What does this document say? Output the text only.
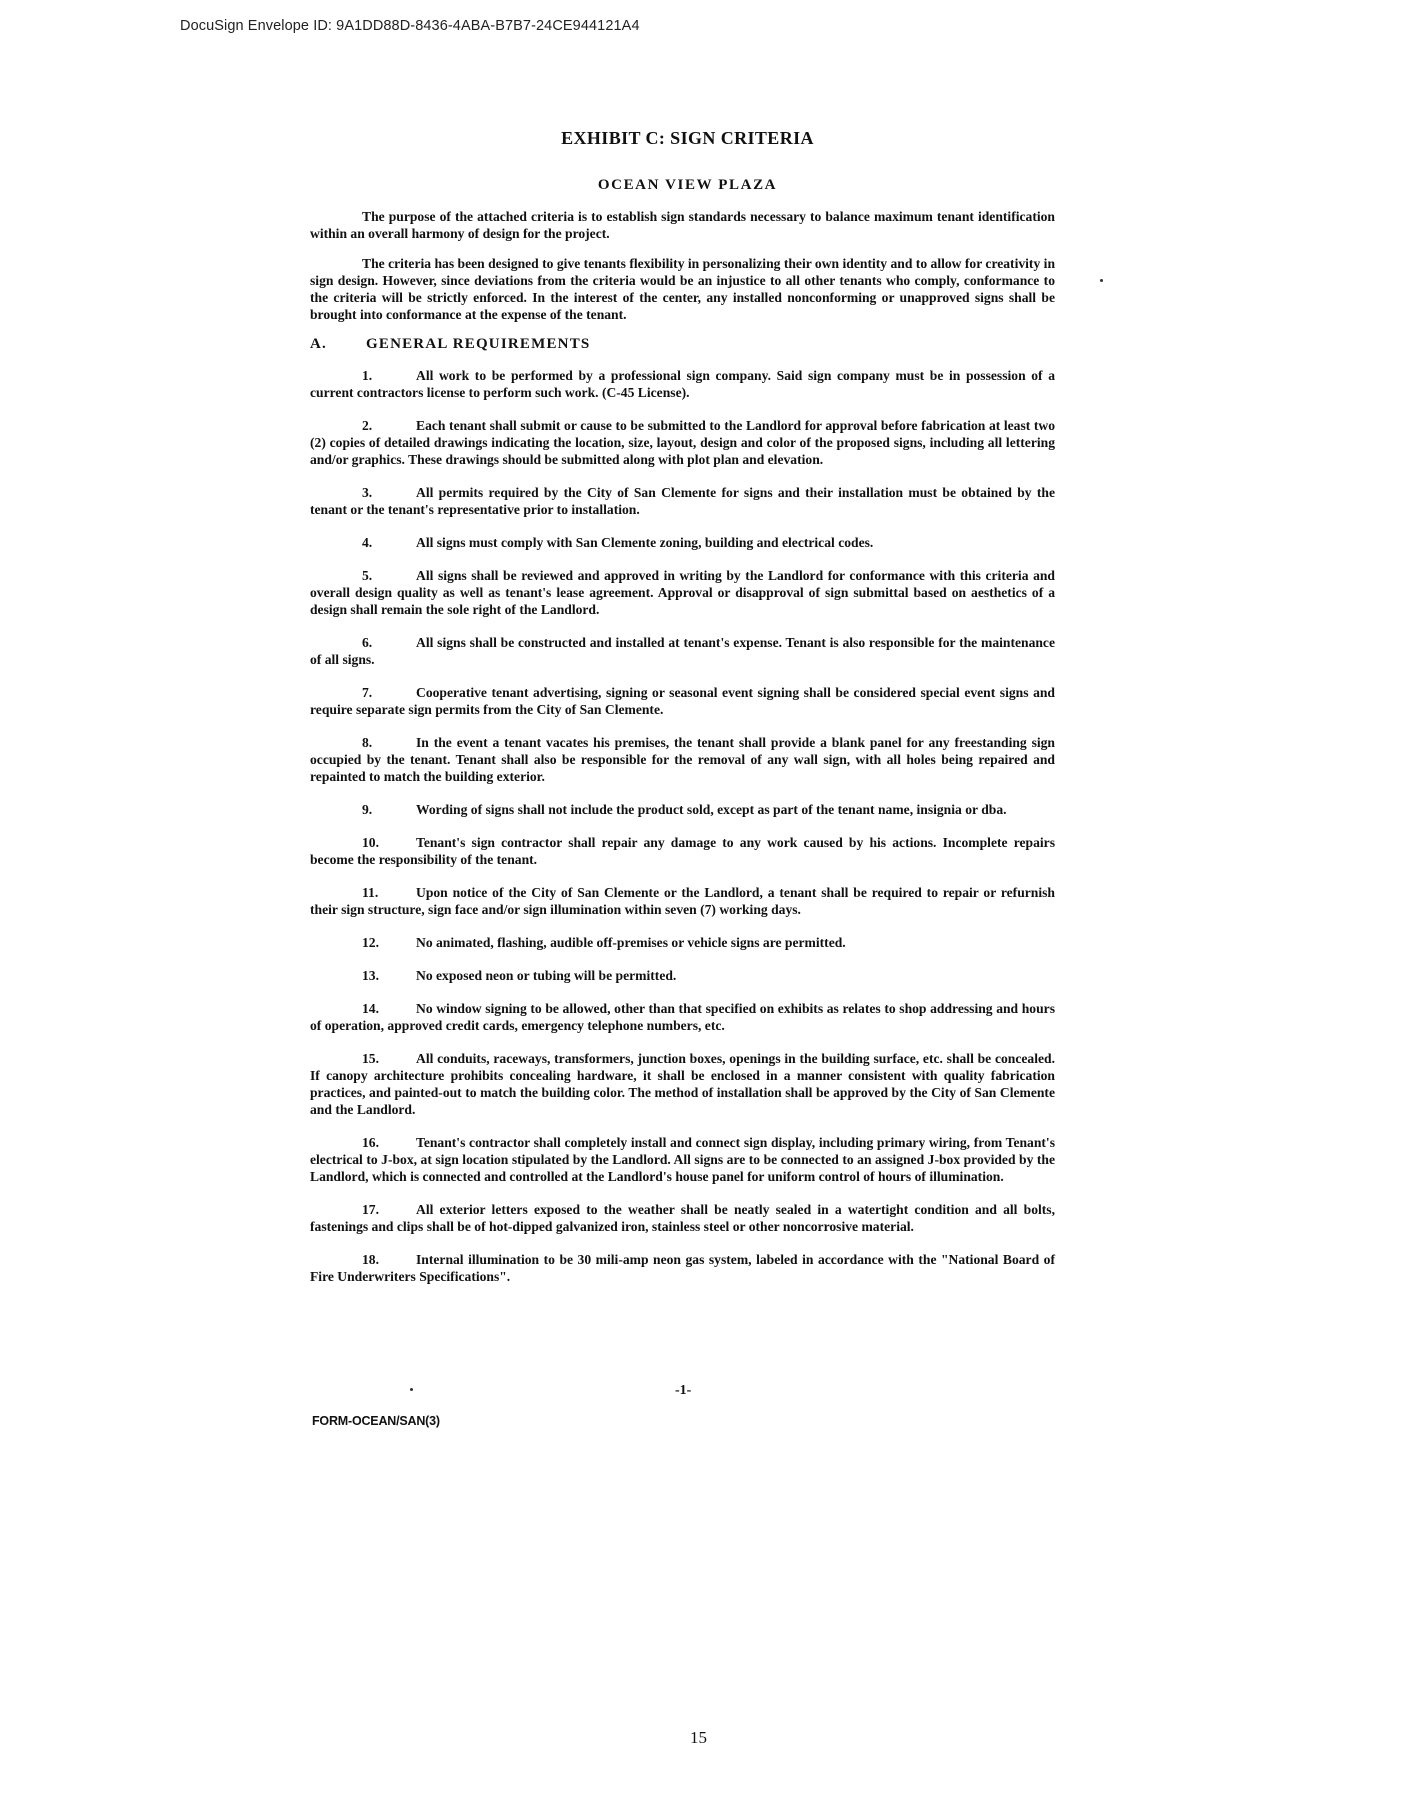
DocuSign Envelope ID: 9A1DD88D-8436-4ABA-B7B7-24CE944121A4
EXHIBIT C: SIGN CRITERIA
OCEAN VIEW PLAZA

The purpose of the attached criteria is to establish sign standards necessary to balance maximum tenant identification within an overall harmony of design for the project.

The criteria has been designed to give tenants flexibility in personalizing their own identity and to allow for creativity in sign design. However, since deviations from the criteria would be an injustice to all other tenants who comply, conformance to the criteria will be strictly enforced. In the interest of the center, any installed nonconforming or unapproved signs shall be brought into conformance at the expense of the tenant.

A.	GENERAL REQUIREMENTS
1.	All work to be performed by a professional sign company. Said sign company must be in possession of a current contractors license to perform such work. (C-45 License).
2.	Each tenant shall submit or cause to be submitted to the Landlord for approval before fabrication at least two (2) copies of detailed drawings indicating the location, size, layout, design and color of the proposed signs, including all lettering and/or graphics. These drawings should be submitted along with plot plan and elevation.
3.	All permits required by the City of San Clemente for signs and their installation must be obtained by the tenant or the tenant's representative prior to installation.
4.	All signs must comply with San Clemente zoning, building and electrical codes.
5.	All signs shall be reviewed and approved in writing by the Landlord for conformance with this criteria and overall design quality as well as tenant's lease agreement. Approval or disapproval of sign submittal based on aesthetics of a design shall remain the sole right of the Landlord.
6.	All signs shall be constructed and installed at tenant's expense. Tenant is also responsible for the maintenance of all signs.
7.	Cooperative tenant advertising, signing or seasonal event signing shall be considered special event signs and require separate sign permits from the City of San Clemente.
8.	In the event a tenant vacates his premises, the tenant shall provide a blank panel for any freestanding sign occupied by the tenant. Tenant shall also be responsible for the removal of any wall sign, with all holes being repaired and repainted to match the building exterior.
9.	Wording of signs shall not include the product sold, except as part of the tenant name, insignia or dba.
10.	Tenant's sign contractor shall repair any damage to any work caused by his actions. Incomplete repairs become the responsibility of the tenant.
11.	Upon notice of the City of San Clemente or the Landlord, a tenant shall be required to repair or refurnish their sign structure, sign face and/or sign illumination within seven (7) working days.
12.	No animated, flashing, audible off-premises or vehicle signs are permitted.
13.	No exposed neon or tubing will be permitted.
14.	No window signing to be allowed, other than that specified on exhibits as relates to shop addressing and hours of operation, approved credit cards, emergency telephone numbers, etc.
15.	All conduits, raceways, transformers, junction boxes, openings in the building surface, etc. shall be concealed. If canopy architecture prohibits concealing hardware, it shall be enclosed in a manner consistent with quality fabrication practices, and painted-out to match the building color. The method of installation shall be approved by the City of San Clemente and the Landlord.
16.	Tenant's contractor shall completely install and connect sign display, including primary wiring, from Tenant's electrical to J-box, at sign location stipulated by the Landlord. All signs are to be connected to an assigned J-box provided by the Landlord, which is connected and controlled at the Landlord's house panel for uniform control of hours of illumination.
17.	All exterior letters exposed to the weather shall be neatly sealed in a watertight condition and all bolts, fastenings and clips shall be of hot-dipped galvanized iron, stainless steel or other noncorrosive material.
18.	Internal illumination to be 30 mili-amp neon gas system, labeled in accordance with the "National Board of Fire Underwriters Specifications".
-1-
FORM-OCEAN/SAN(3)
15
